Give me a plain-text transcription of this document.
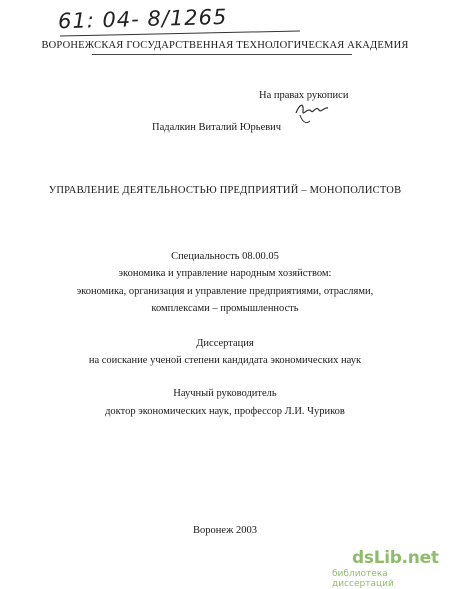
61: 04- 8/1265
ВОРОНЕЖСКАЯ ГОСУДАРСТВЕННАЯ ТЕХНОЛОГИЧЕСКАЯ АКАДЕМИЯ
На правах рукописи
Падалкин Виталий Юрьевич
УПРАВЛЕНИЕ ДЕЯТЕЛЬНОСТЬЮ ПРЕДПРИЯТИЙ – МОНОПОЛИСТОВ
Специальность 08.00.05
экономика и управление народным хозяйством:
экономика, организация и управление предприятиями, отраслями,
комплексами – промышленность
Диссертация
на соискание ученой степени кандидата экономических наук
Научный руководитель
доктор экономических наук, профессор Л.И. Чуриков
Воронеж 2003
dsLib.net
библиотека диссертаций
